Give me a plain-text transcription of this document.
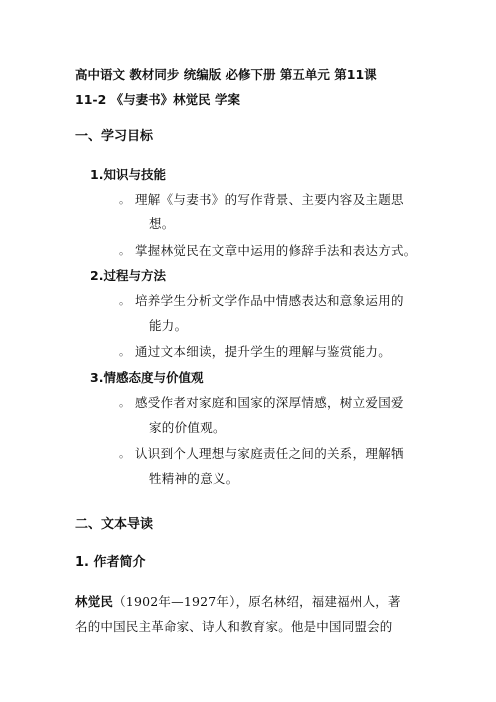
高中语文 教材同步 统编版 必修下册 第五单元 第11课
11-2 《与妻书》林觉民 学案
一、学习目标
1.知识与技能
。 理解《与妻书》的写作背景、主要内容及主题思
想。
。 掌握林觉民在文章中运用的修辞手法和表达方式。
2.过程与方法
。 培养学生分析文学作品中情感表达和意象运用的
能力。
。 通过文本细读，提升学生的理解与鉴赏能力。
3.情感态度与价值观
。 感受作者对家庭和国家的深厚情感，树立爱国爱
家的价值观。
。 认识到个人理想与家庭责任之间的关系，理解牺
牲精神的意义。
二、文本导读
1. 作者简介
林觉民（1902年—1927年），原名林绍，福建福州人，著
名的中国民主革命家、诗人和教育家。他是中国同盟会的
